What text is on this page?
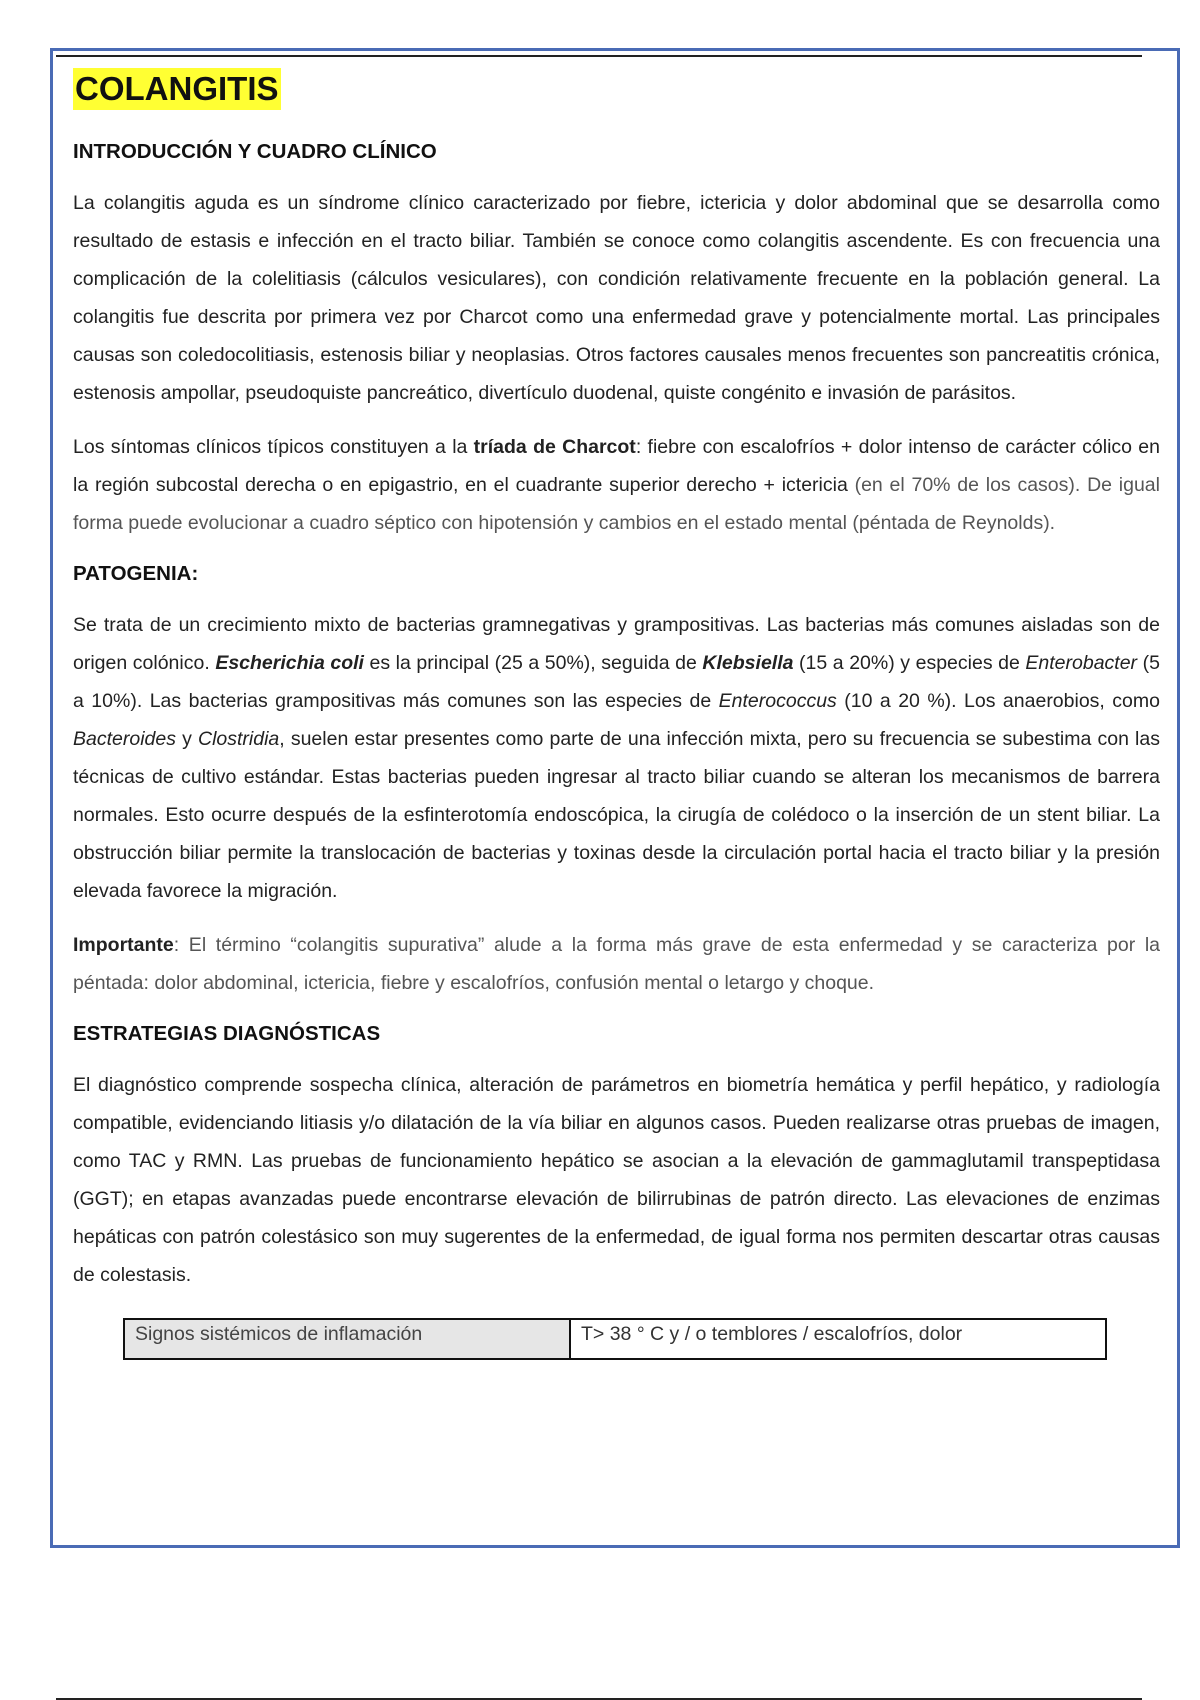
COLANGITIS
INTRODUCCIÓN Y CUADRO CLÍNICO

La colangitis aguda es un síndrome clínico caracterizado por fiebre, ictericia y dolor abdominal que se desarrolla como resultado de estasis e infección en el tracto biliar. También se conoce como colangitis ascendente. Es con frecuencia una complicación de la colelitiasis (cálculos vesiculares), con condición relativamente frecuente en la población general. La colangitis fue descrita por primera vez por Charcot como una enfermedad grave y potencialmente mortal. Las principales causas son coledocolitiasis, estenosis biliar y neoplasias. Otros factores causales menos frecuentes son pancreatitis crónica, estenosis ampollar, pseudoquiste pancreático, divertículo duodenal, quiste congénito e invasión de parásitos.

Los síntomas clínicos típicos constituyen a la tríada de Charcot: fiebre con escalofríos + dolor intenso de carácter cólico en la región subcostal derecha o en epigastrio, en el cuadrante superior derecho + ictericia (en el 70% de los casos). De igual forma puede evolucionar a cuadro séptico con hipotensión y cambios en el estado mental (péntada de Reynolds).

PATOGENIA:

Se trata de un crecimiento mixto de bacterias gramnegativas y grampositivas. Las bacterias más comunes aisladas son de origen colónico. Escherichia coli es la principal (25 a 50%), seguida de Klebsiella (15 a 20%) y especies de Enterobacter (5 a 10%). Las bacterias grampositivas más comunes son las especies de Enterococcus (10 a 20 %). Los anaerobios, como Bacteroides y Clostridia, suelen estar presentes como parte de una infección mixta, pero su frecuencia se subestima con las técnicas de cultivo estándar. Estas bacterias pueden ingresar al tracto biliar cuando se alteran los mecanismos de barrera normales. Esto ocurre después de la esfinterotomía endoscópica, la cirugía de colédoco o la inserción de un stent biliar. La obstrucción biliar permite la translocación de bacterias y toxinas desde la circulación portal hacia el tracto biliar y la presión elevada favorece la migración.

Importante: El término “colangitis supurativa” alude a la forma más grave de esta enfermedad y se caracteriza por la péntada: dolor abdominal, ictericia, fiebre y escalofríos, confusión mental o letargo y choque.

ESTRATEGIAS DIAGNÓSTICAS

El diagnóstico comprende sospecha clínica, alteración de parámetros en biometría hemática y perfil hepático, y radiología compatible, evidenciando litiasis y/o dilatación de la vía biliar en algunos casos. Pueden realizarse otras pruebas de imagen, como TAC y RMN. Las pruebas de funcionamiento hepático se asocian a la elevación de gammaglutamil transpeptidasa (GGT); en etapas avanzadas puede encontrarse elevación de bilirrubinas de patrón directo. Las elevaciones de enzimas hepáticas con patrón colestásico son muy sugerentes de la enfermedad, de igual forma nos permiten descartar otras causas de colestasis.

Signos sistémicos de inflamación	T> 38 ° C y / o temblores / escalofríos, dolor
